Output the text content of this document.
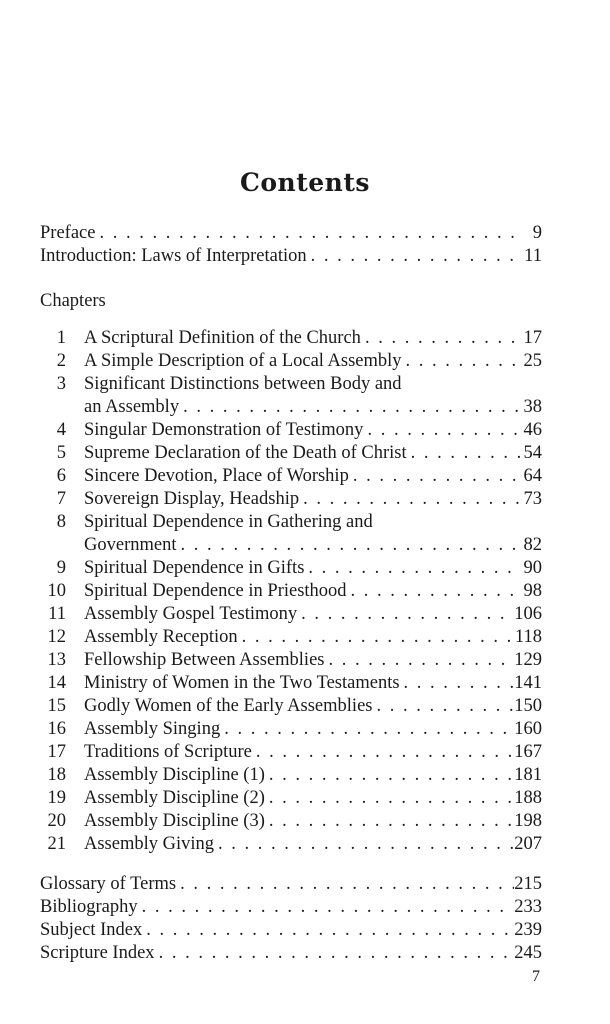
Contents
Preface . . .	9
Introduction: Laws of Interpretation . . .	11
Chapters
1 A Scriptural Definition of the Church . . .	17
2 A Simple Description of a Local Assembly . . .	25
3 Significant Distinctions between Body and
an Assembly . . .	38
4 Singular Demonstration of Testimony . . .	46
5 Supreme Declaration of the Death of Christ . . .	54
6 Sincere Devotion, Place of Worship . . .	64
7 Sovereign Display, Headship . . .	73
8 Spiritual Dependence in Gathering and
Government . . .	82
9 Spiritual Dependence in Gifts . . .	90
10 Spiritual Dependence in Priesthood . . .	98
11 Assembly Gospel Testimony . . .	106
12 Assembly Reception . . .	118
13 Fellowship Between Assemblies . . .	129
14 Ministry of Women in the Two Testaments . . .	141
15 Godly Women of the Early Assemblies . . .	150
16 Assembly Singing . . .	160
17 Traditions of Scripture . . .	167
18 Assembly Discipline (1) . . .	181
19 Assembly Discipline (2) . . .	188
20 Assembly Discipline (3) . . .	198
21 Assembly Giving . . .	207
Glossary of Terms . . .	215
Bibliography . . .	233
Subject Index . . .	239
Scripture Index . . .	245
7
